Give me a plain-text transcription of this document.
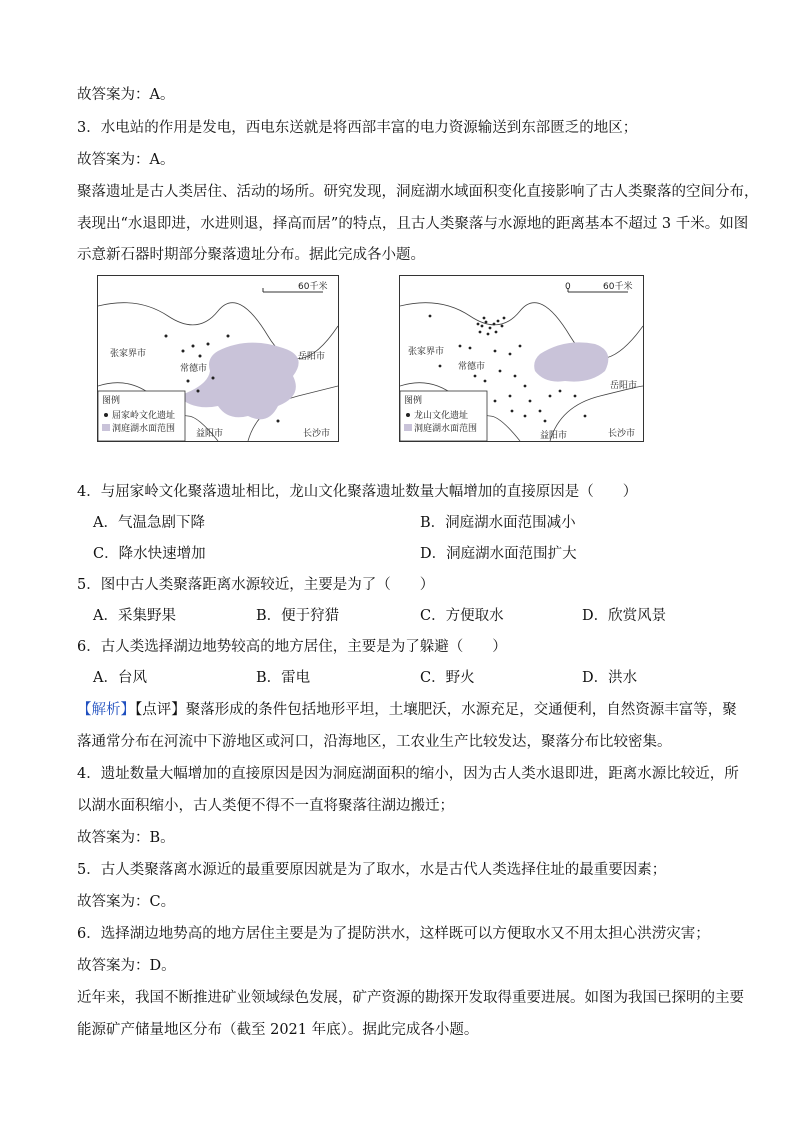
故答案为：A。
3．水电站的作用是发电，西电东送就是将西部丰富的电力资源输送到东部匮乏的地区；
故答案为：A。
聚落遗址是古人类居住、活动的场所。研究发现，洞庭湖水域面积变化直接影响了古人类聚落的空间分布，
表现出“水退即进，水进则退，择高而居”的特点，且古人类聚落与水源地的距离基本不超过 3 千米。如图
示意新石器时期部分聚落遗址分布。据此完成各小题。
60千米
张家界市
常德市
岳阳市
益阳市	长沙市
图例
屈家岭文化遗址
洞庭湖水面范围
0	60千米
张家界市
常德市
岳阳市
益阳市	长沙市
图例
龙山文化遗址
洞庭湖水面范围
4．与屈家岭文化聚落遗址相比，龙山文化聚落遗址数量大幅增加的直接原因是（　　）
A．气温急剧下降	B．洞庭湖水面范围减小
C．降水快速增加	D．洞庭湖水面范围扩大
5．图中古人类聚落距离水源较近，主要是为了（　　）
A．采集野果	B．便于狩猎	C．方便取水	D．欣赏风景
6．古人类选择湖边地势较高的地方居住，主要是为了躲避（　　）
A．台风	B．雷电	C．野火	D．洪水
【解析】【点评】聚落形成的条件包括地形平坦，土壤肥沃，水源充足，交通便利，自然资源丰富等，聚
落通常分布在河流中下游地区或河口，沿海地区，工农业生产比较发达，聚落分布比较密集。
4．遗址数量大幅增加的直接原因是因为洞庭湖面积的缩小，因为古人类水退即进，距离水源比较近，所
以湖水面积缩小，古人类便不得不一直将聚落往湖边搬迁；
故答案为：B。
5．古人类聚落离水源近的最重要原因就是为了取水，水是古代人类选择住址的最重要因素；
故答案为：C。
6．选择湖边地势高的地方居住主要是为了提防洪水，这样既可以方便取水又不用太担心洪涝灾害；
故答案为：D。
近年来，我国不断推进矿业领域绿色发展，矿产资源的勘探开发取得重要进展。如图为我国已探明的主要
能源矿产储量地区分布（截至 2021 年底）。据此完成各小题。
